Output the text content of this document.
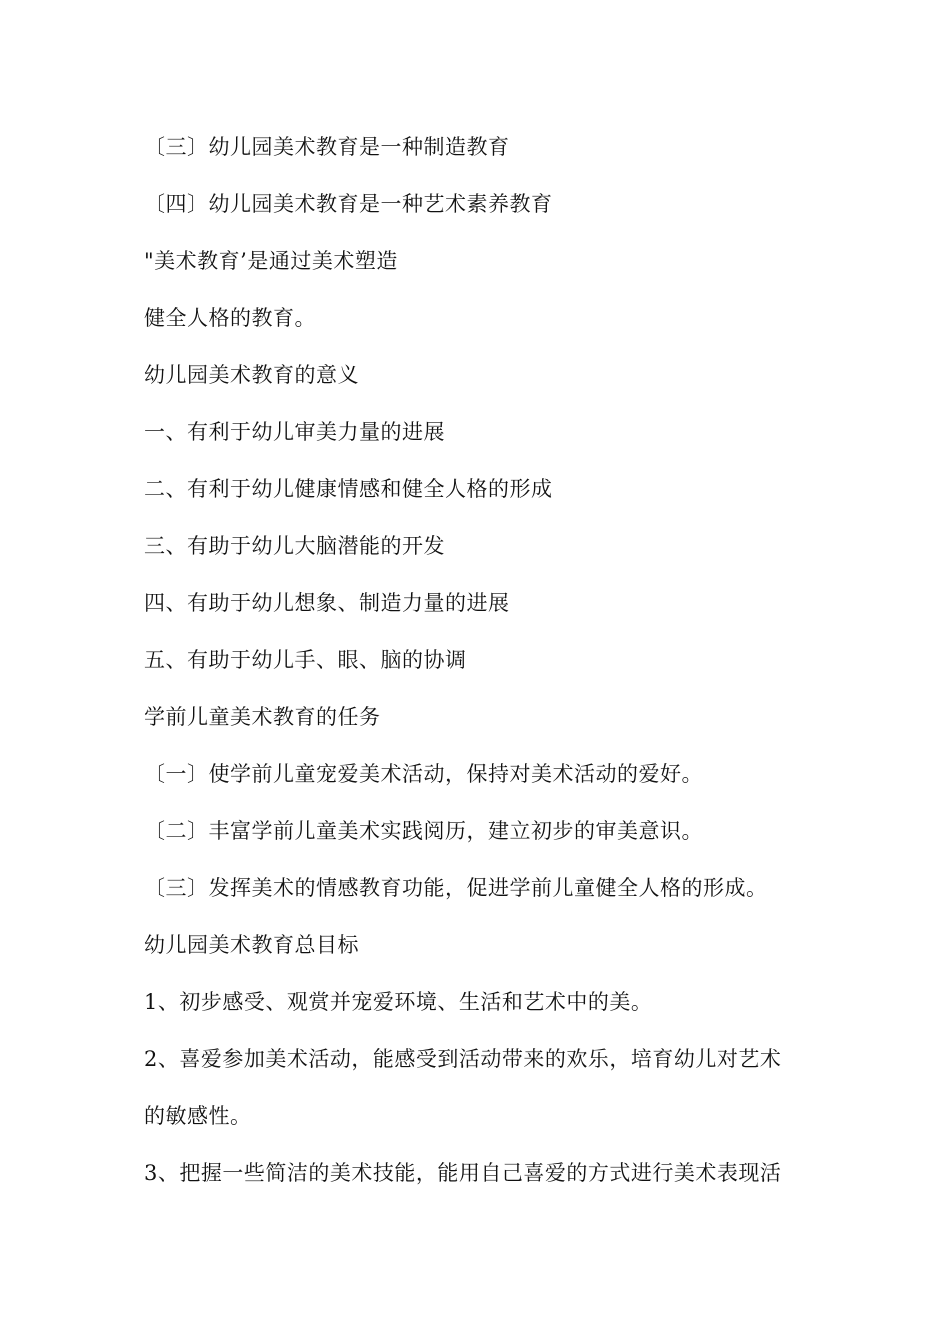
〔三〕幼儿园美术教育是一种制造教育
〔四〕幼儿园美术教育是一种艺术素养教育
"美术教育’是通过美术塑造
健全人格的教育。
幼儿园美术教育的意义
一、有利于幼儿审美力量的进展
二、有利于幼儿健康情感和健全人格的形成
三、有助于幼儿大脑潜能的开发
四、有助于幼儿想象、制造力量的进展
五、有助于幼儿手、眼、脑的协调
学前儿童美术教育的任务
〔一〕使学前儿童宠爱美术活动，保持对美术活动的爱好。
〔二〕丰富学前儿童美术实践阅历，建立初步的审美意识。
〔三〕发挥美术的情感教育功能，促进学前儿童健全人格的形成。
幼儿园美术教育总目标
1、初步感受、观赏并宠爱环境、生活和艺术中的美。
2、喜爱参加美术活动，能感受到活动带来的欢乐，培育幼儿对艺术
的敏感性。
3、把握一些简洁的美术技能，能用自己喜爱的方式进行美术表现活
